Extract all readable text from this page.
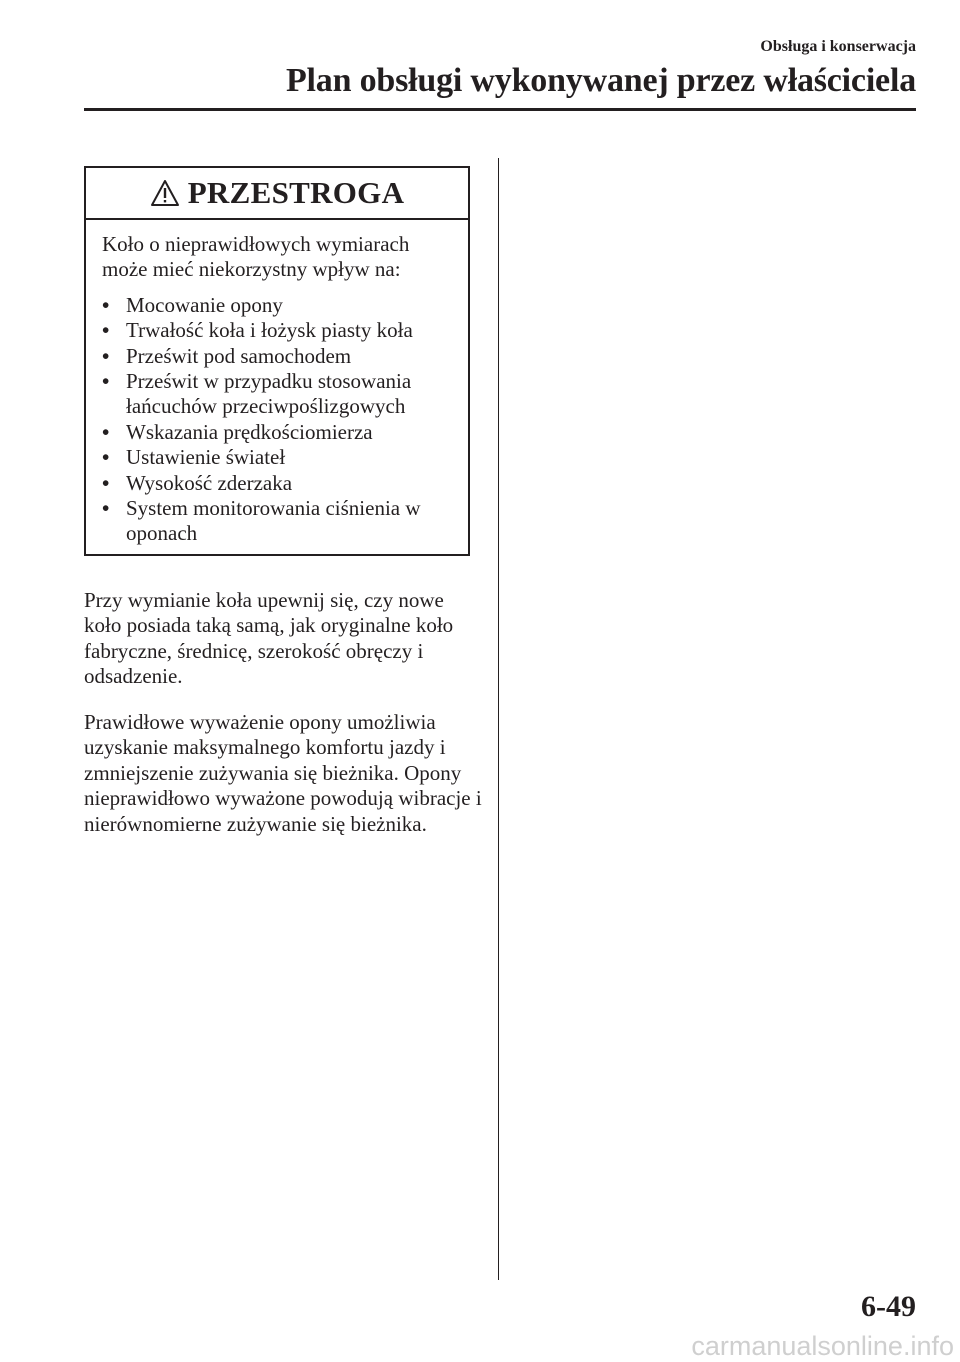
Obsługa i konserwacja
Plan obsługi wykonywanej przez właściciela
PRZESTROGA

Koło o nieprawidłowych wymiarach może mieć niekorzystny wpływ na:

• Mocowanie opony
• Trwałość koła i łożysk piasty koła
• Prześwit pod samochodem
• Prześwit w przypadku stosowania łańcuchów przeciwpoślizgowych
• Wskazania prędkościomierza
• Ustawienie świateł
• Wysokość zderzaka
• System monitorowania ciśnienia w oponach

Przy wymianie koła upewnij się, czy nowe koło posiada taką samą, jak oryginalne koło fabryczne, średnicę, szerokość obręczy i odsadzenie.

Prawidłowe wyważenie opony umożliwia uzyskanie maksymalnego komfortu jazdy i zmniejszenie zużywania się bieżnika. Opony nieprawidłowo wyważone powodują wibracje i nierównomierne zużywanie się bieżnika.

6-49
carmanualsonline.info
